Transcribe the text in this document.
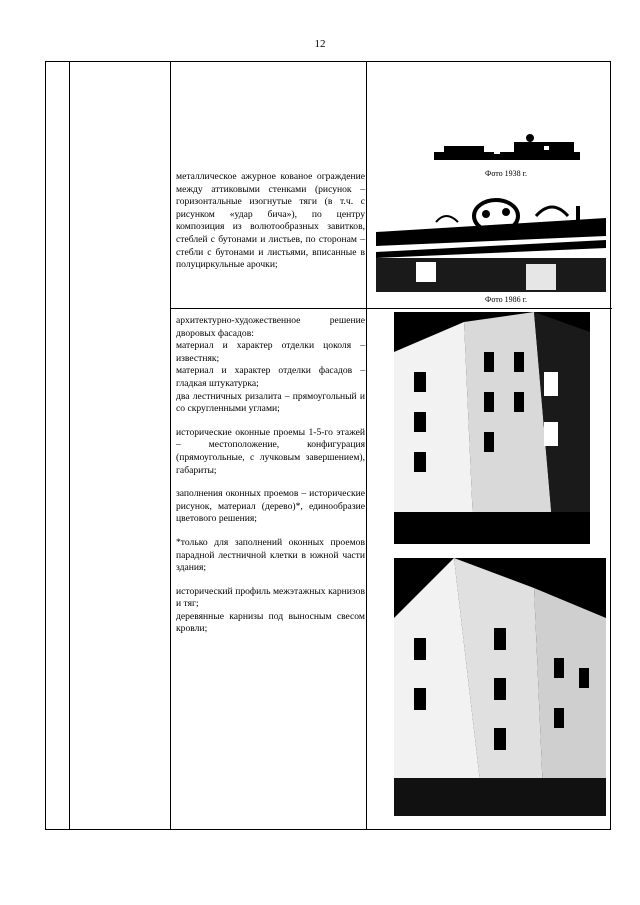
12

металлическое ажурное кованое ограждение между аттиковыми стенками (рисунок – горизонтальные изогнутые тяги (в т.ч. с рисунком «удар бича»), по центру композиция из волютообразных завитков, стеблей с бутонами и листьев, по сторонам – стебли с бутонами и листьями, вписанные в полуциркульные арочки;

архитектурно-художественное решение дворовых фасадов:

материал и характер отделки цоколя – известняк;

материал и характер отделки фасадов – гладкая штукатурка;

два лестничных ризалита – прямоугольный и со скругленными углами;

исторические оконные проемы 1-5-го этажей – местоположение, конфигурация (прямоугольные, с лучковым завершением), габариты;

заполнения оконных проемов – исторические рисунок, материал (дерево)*, единообразие цветового решения;

*только для заполнений оконных проемов парадной лестничной клетки в южной части здания;

исторический профиль межэтажных карнизов и тяг;

деревянные карнизы под выносным свесом кровли;

Фото 1938 г.
Фото 1986 г.
